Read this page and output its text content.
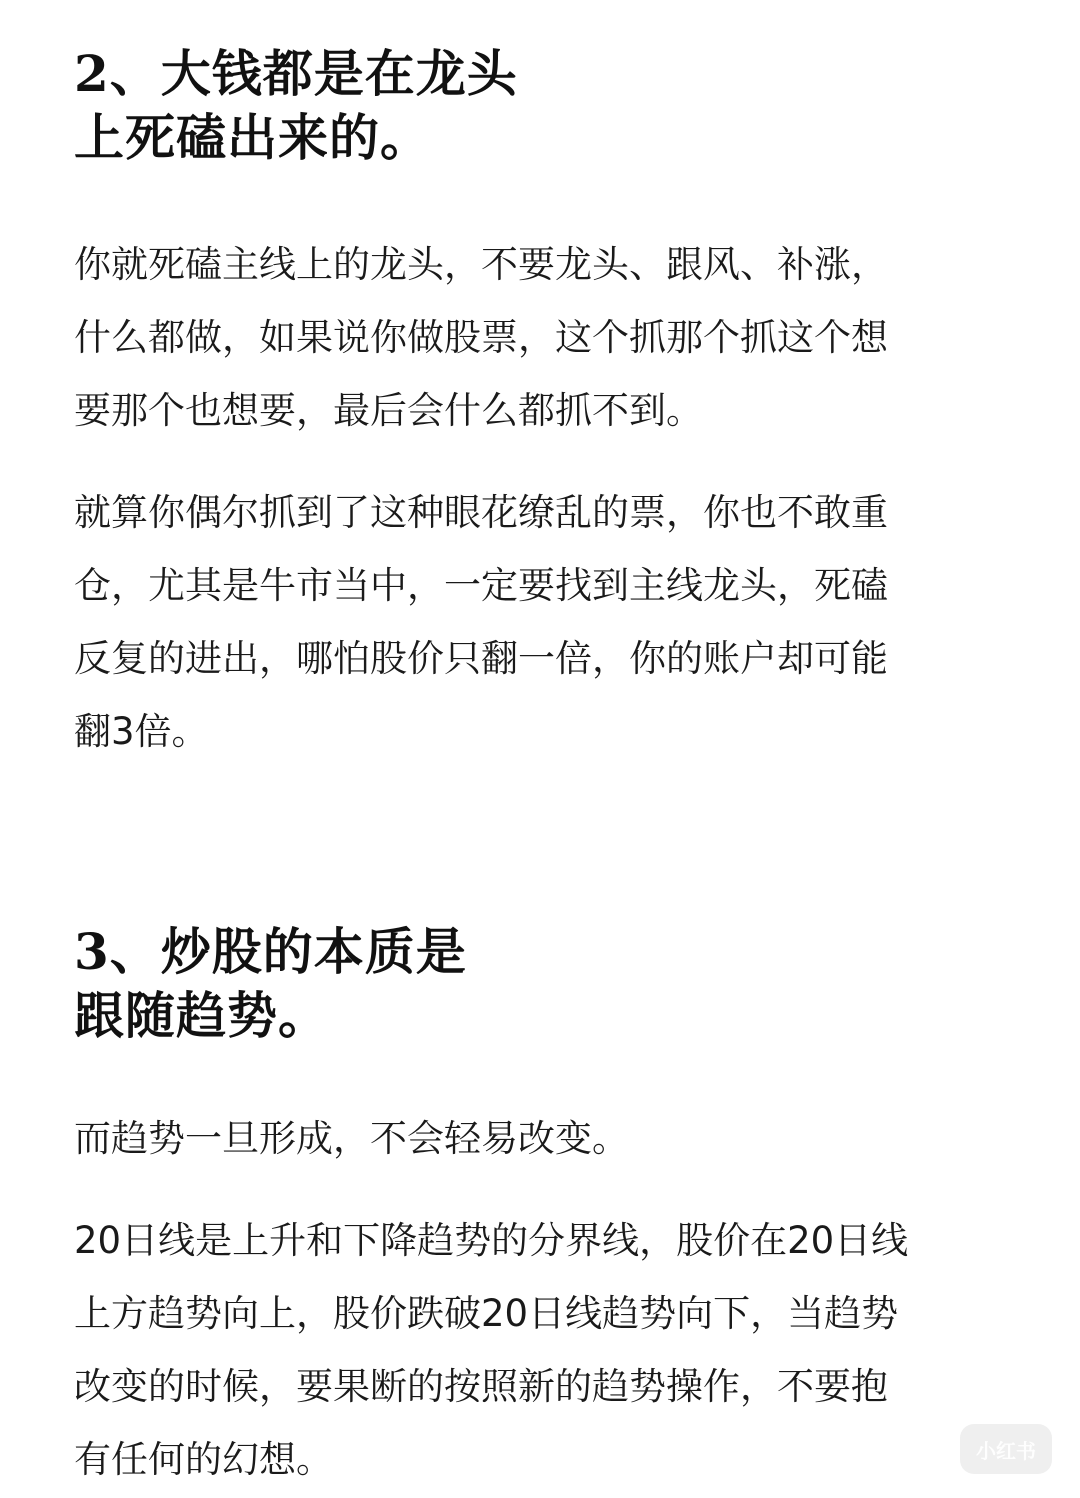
2、大钱都是在龙头
上死磕出来的。

你就死磕主线上的龙头，不要龙头、跟风、补涨，
什么都做，如果说你做股票，这个抓那个抓这个想
要那个也想要，最后会什么都抓不到。

就算你偶尔抓到了这种眼花缭乱的票，你也不敢重
仓，尤其是牛市当中，一定要找到主线龙头，死磕
反复的进出，哪怕股价只翻一倍，你的账户却可能
翻3倍。

3、炒股的本质是
跟随趋势。

而趋势一旦形成，不会轻易改变。

20日线是上升和下降趋势的分界线，股价在20日线
上方趋势向上，股价跌破20日线趋势向下，当趋势
改变的时候，要果断的按照新的趋势操作，不要抱
有任何的幻想。	小红书
